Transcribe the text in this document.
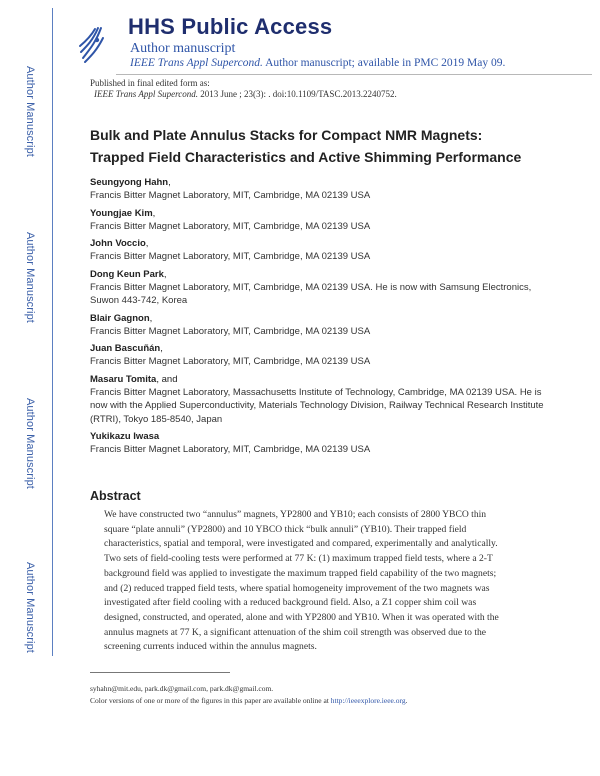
Author Manuscript
Author Manuscript
Author Manuscript
Author Manuscript
HHS Public Access
Author manuscript
IEEE Trans Appl Supercond. Author manuscript; available in PMC 2019 May 09.
Published in final edited form as:
IEEE Trans Appl Supercond. 2013 June ; 23(3): . doi:10.1109/TASC.2013.2240752.
Bulk and Plate Annulus Stacks for Compact NMR Magnets:
Trapped Field Characteristics and Active Shimming Performance
Seungyong Hahn,
Francis Bitter Magnet Laboratory, MIT, Cambridge, MA 02139 USA
Youngjae Kim,
Francis Bitter Magnet Laboratory, MIT, Cambridge, MA 02139 USA
John Voccio,
Francis Bitter Magnet Laboratory, MIT, Cambridge, MA 02139 USA
Dong Keun Park,
Francis Bitter Magnet Laboratory, MIT, Cambridge, MA 02139 USA. He is now with Samsung Electronics, Suwon 443-742, Korea
Blair Gagnon,
Francis Bitter Magnet Laboratory, MIT, Cambridge, MA 02139 USA
Juan Bascuñán,
Francis Bitter Magnet Laboratory, MIT, Cambridge, MA 02139 USA
Masaru Tomita, and
Francis Bitter Magnet Laboratory, Massachusetts Institute of Technology, Cambridge, MA 02139 USA. He is now with the Applied Superconductivity, Materials Technology Division, Railway Technical Research Institute (RTRI), Tokyo 185-8540, Japan
Yukikazu Iwasa
Francis Bitter Magnet Laboratory, MIT, Cambridge, MA 02139 USA
Abstract
We have constructed two “annulus” magnets, YP2800 and YB10; each consists of 2800 YBCO thin square “plate annuli” (YP2800) and 10 YBCO thick “bulk annuli” (YB10). Their trapped field characteristics, spatial and temporal, were investigated and compared, experimentally and analytically. Two sets of field-cooling tests were performed at 77 K: (1) maximum trapped field tests, where a 2-T background field was applied to investigate the maximum trapped field capability of the two magnets; and (2) reduced trapped field tests, where spatial homogeneity improvement of the two magnets was investigated after field cooling with a reduced background field. Also, a Z1 copper shim coil was designed, constructed, and operated, alone and with YP2800 and YB10. When it was operated with the annulus magnets at 77 K, a significant attenuation of the shim coil strength was observed due to the screening currents induced within the annulus magnets.
syhahn@mit.edu, park.dk@gmail.com, park.dk@gmail.com.
Color versions of one or more of the figures in this paper are available online at http://ieeexplore.ieee.org.
